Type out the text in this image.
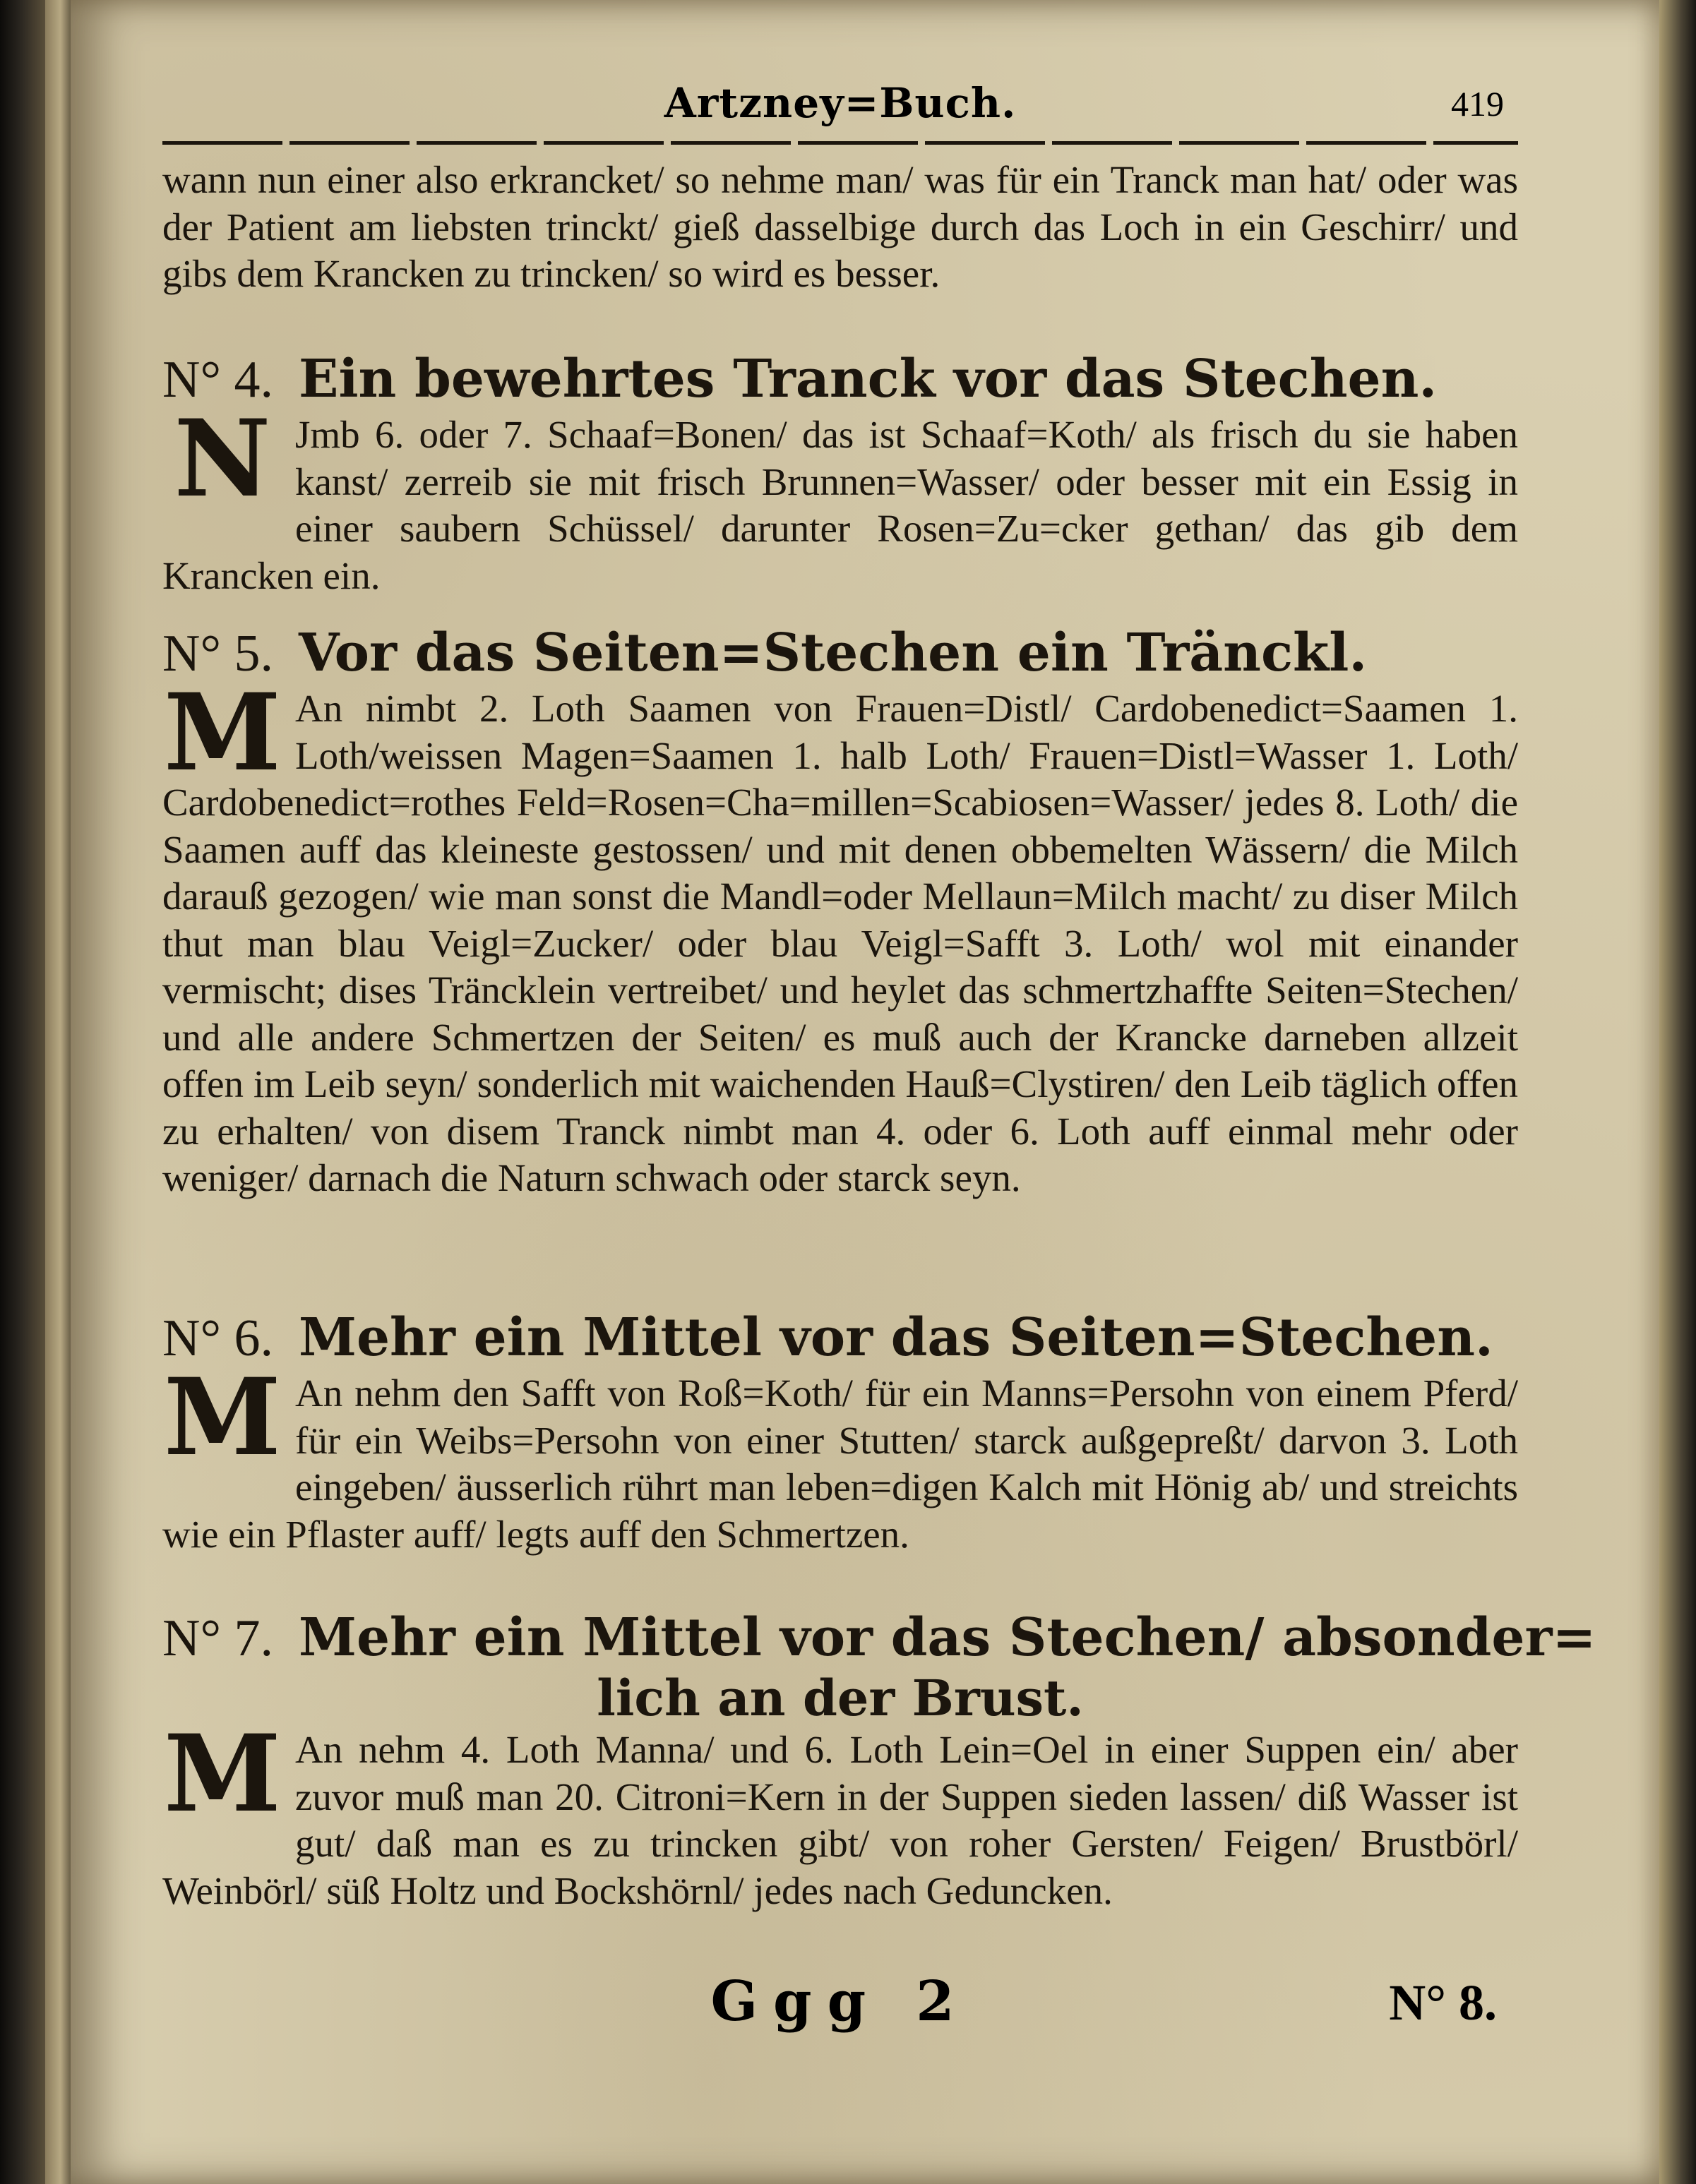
Artzney=Buch.	419

wann nun einer also erkrancket/ so nehme man/ was für ein Tranck man hat/ oder was der Patient am liebsten trinckt/ gieß dasselbige durch das Loch in ein Geschirr/ und gibs dem Krancken zu trincken/ so wird es besser.

N° 4. Ein bewehrtes Tranck vor das Stechen.

N Jmb 6. oder 7. Schaaf=Bonen/ das ist Schaaf=Koth/ als frisch du sie haben kanst/ zerreib sie mit frisch Brunnen=Wasser/ oder besser mit ein Essig in einer saubern Schüssel/ darunter Rosen=Zu=cker gethan/ das gib dem Krancken ein.

N° 5. Vor das Seiten=Stechen ein Tränckl.

M An nimbt 2. Loth Saamen von Frauen=Distl/ Cardobenedict=Saamen 1. Loth/weissen Magen=Saamen 1. halb Loth/ Frauen=Distl=Wasser 1. Loth/ Cardobenedict=rothes Feld=Rosen=Cha=millen=Scabiosen=Wasser/ jedes 8. Loth/ die Saamen auff das kleineste gestossen/ und mit denen obbemelten Wässern/ die Milch darauß gezogen/ wie man sonst die Mandl=oder Mellaun=Milch macht/ zu diser Milch thut man blau Veigl=Zucker/ oder blau Veigl=Safft 3. Loth/ wol mit einander vermischt; dises Träncklein vertreibet/ und heylet das schmertzhaffte Seiten=Stechen/ und alle andere Schmertzen der Seiten/ es muß auch der Krancke darneben allzeit offen im Leib seyn/ sonderlich mit waichenden Hauß=Clystiren/ den Leib täglich offen zu erhalten/ von disem Tranck nimbt man 4. oder 6. Loth auff einmal mehr oder weniger/ darnach die Naturn schwach oder starck seyn.

N° 6. Mehr ein Mittel vor das Seiten=Stechen.

M An nehm den Safft von Roß=Koth/ für ein Manns=Persohn von einem Pferd/ für ein Weibs=Persohn von einer Stutten/ starck außgepreßt/ darvon 3. Loth eingeben/ äusserlich rührt man leben=digen Kalch mit Hönig ab/ und streichts wie ein Pflaster auff/ legts auff den Schmertzen.

N° 7. Mehr ein Mittel vor das Stechen/ absonder=

lich an der Brust.

M An nehm 4. Loth Manna/ und 6. Loth Lein=Oel in einer Suppen ein/ aber zuvor muß man 20. Citroni=Kern in der Suppen sieden lassen/ diß Wasser ist gut/ daß man es zu trincken gibt/ von roher Gersten/ Feigen/ Brustbörl/ Weinbörl/ süß Holtz und Bockshörnl/ jedes nach Geduncken.

Ggg 2	N° 8.
